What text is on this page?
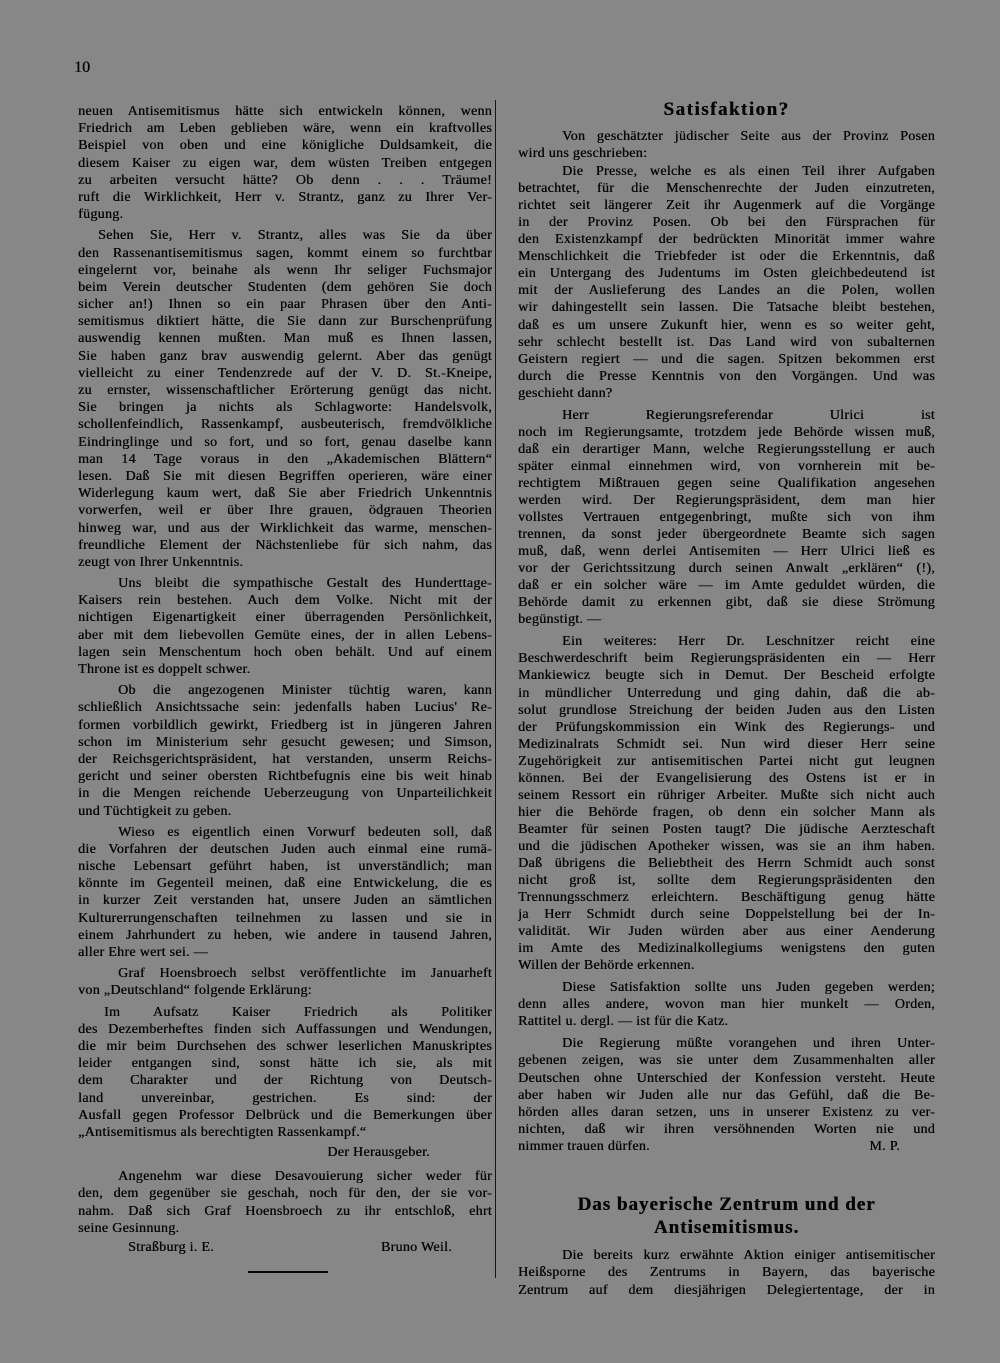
10
neuen Antisemitismus hätte sich entwickeln können, wenn
Friedrich am Leben geblieben wäre, wenn ein kraftvolles
Beispiel von oben und eine königliche Duldsamkeit, die
diesem Kaiser zu eigen war, dem wüsten Treiben entgegen
zu arbeiten versucht hätte? Ob denn . . . Träume!
ruft die Wirklichkeit, Herr v. Strantz, ganz zu Ihrer Ver-
fügung.
Sehen Sie, Herr v. Strantz, alles was Sie da über
den Rassenantisemitismus sagen, kommt einem so furchtbar
eingelernt vor, beinahe als wenn Ihr seliger Fuchsmajor
beim Verein deutscher Studenten (dem gehören Sie doch
sicher an!) Ihnen so ein paar Phrasen über den Anti-
semitismus diktiert hätte, die Sie dann zur Burschenprüfung
auswendig kennen mußten. Man muß es Ihnen lassen,
Sie haben ganz brav auswendig gelernt. Aber das genügt
vielleicht zu einer Tendenzrede auf der V. D. St.-Kneipe,
zu ernster, wissenschaftlicher Erörterung genügt das nicht.
Sie bringen ja nichts als Schlagworte: Handelsvolk,
schollenfeindlich, Rassenkampf, ausbeuterisch, fremdvölkliche
Eindringlinge und so fort, und so fort, genau daselbe kann
man 14 Tage voraus in den „Akademischen Blättern“
lesen. Daß Sie mit diesen Begriffen operieren, wäre einer
Widerlegung kaum wert, daß Sie aber Friedrich Unkenntnis
vorwerfen, weil er über Ihre grauen, ödgrauen Theorien
hinweg war, und aus der Wirklichkeit das warme, menschen-
freundliche Element der Nächstenliebe für sich nahm, das
zeugt von Ihrer Unkenntnis.
Uns bleibt die sympathische Gestalt des Hunderttage-
Kaisers rein bestehen. Auch dem Volke. Nicht mit der
nichtigen Eigenartigkeit einer überragenden Persönlichkeit,
aber mit dem liebevollen Gemüte eines, der in allen Lebens-
lagen sein Menschentum hoch oben behält. Und auf einem
Throne ist es doppelt schwer.
Ob die angezogenen Minister tüchtig waren, kann
schließlich Ansichtssache sein: jedenfalls haben Lucius' Re-
formen vorbildlich gewirkt, Friedberg ist in jüngeren Jahren
schon im Ministerium sehr gesucht gewesen; und Simson,
der Reichsgerichtspräsident, hat verstanden, unserm Reichs-
gericht und seiner obersten Richtbefugnis eine bis weit hinab
in die Mengen reichende Ueberzeugung von Unparteilichkeit
und Tüchtigkeit zu geben.
Wieso es eigentlich einen Vorwurf bedeuten soll, daß
die Vorfahren der deutschen Juden auch einmal eine rumä-
nische Lebensart geführt haben, ist unverständlich; man
könnte im Gegenteil meinen, daß eine Entwickelung, die es
in kurzer Zeit verstanden hat, unsere Juden an sämtlichen
Kulturerrungenschaften teilnehmen zu lassen und sie in
einem Jahrhundert zu heben, wie andere in tausend Jahren,
aller Ehre wert sei. —
Graf Hoensbroech selbst veröffentlichte im Januarheft
von „Deutschland“ folgende Erklärung:
Im Aufsatz Kaiser Friedrich als Politiker
des Dezemberheftes finden sich Auffassungen und Wendungen,
die mir beim Durchsehen des schwer leserlichen Manuskriptes
leider entgangen sind, sonst hätte ich sie, als mit
dem Charakter und der Richtung von Deutsch-
land unvereinbar, gestrichen. Es sind: der
Ausfall gegen Professor Delbrück und die Bemerkungen über
„Antisemitismus als berechtigten Rassenkampf.“
Der Herausgeber.
Angenehm war diese Desavouierung sicher weder für
den, dem gegenüber sie geschah, noch für den, der sie vor-
nahm. Daß sich Graf Hoensbroech zu ihr entschloß, ehrt
seine Gesinnung.
Straßburg i. E.	Bruno Weil.
Satisfaktion?
Von geschätzter jüdischer Seite aus der Provinz Posen
wird uns geschrieben:
Die Presse, welche es als einen Teil ihrer Aufgaben
betrachtet, für die Menschenrechte der Juden einzutreten,
richtet seit längerer Zeit ihr Augenmerk auf die Vorgänge
in der Provinz Posen. Ob bei den Fürsprachen für
den Existenzkampf der bedrückten Minorität immer wahre
Menschlichkeit die Triebfeder ist oder die Erkenntnis, daß
ein Untergang des Judentums im Osten gleichbedeutend ist
mit der Auslieferung des Landes an die Polen, wollen
wir dahingestellt sein lassen. Die Tatsache bleibt bestehen,
daß es um unsere Zukunft hier, wenn es so weiter geht,
sehr schlecht bestellt ist. Das Land wird von subalternen
Geistern regiert — und die sagen. Spitzen bekommen erst
durch die Presse Kenntnis von den Vorgängen. Und was
geschieht dann?
Herr Regierungsreferendar Ulrici ist
noch im Regierungsamte, trotzdem jede Behörde wissen muß,
daß ein derartiger Mann, welche Regierungsstellung er auch
später einmal einnehmen wird, von vornherein mit be-
rechtigtem Mißtrauen gegen seine Qualifikation angesehen
werden wird. Der Regierungspräsident, dem man hier
vollstes Vertrauen entgegenbringt, mußte sich von ihm
trennen, da sonst jeder übergeordnete Beamte sich sagen
muß, daß, wenn derlei Antisemiten — Herr Ulrici ließ es
vor der Gerichtssitzung durch seinen Anwalt „erklären“ (!),
daß er ein solcher wäre — im Amte geduldet würden, die
Behörde damit zu erkennen gibt, daß sie diese Strömung
begünstigt. —
Ein weiteres: Herr Dr. Leschnitzer reicht eine
Beschwerdeschrift beim Regierungspräsidenten ein — Herr
Mankiewicz beugte sich in Demut. Der Bescheid erfolgte
in mündlicher Unterredung und ging dahin, daß die ab-
solut grundlose Streichung der beiden Juden aus den Listen
der Prüfungskommission ein Wink des Regierungs- und
Medizinalrats Schmidt sei. Nun wird dieser Herr seine
Zugehörigkeit zur antisemitischen Partei nicht gut leugnen
können. Bei der Evangelisierung des Ostens ist er in
seinem Ressort ein rühriger Arbeiter. Mußte sich nicht auch
hier die Behörde fragen, ob denn ein solcher Mann als
Beamter für seinen Posten taugt? Die jüdische Aerzteschaft
und die jüdischen Apotheker wissen, was sie an ihm haben.
Daß übrigens die Beliebtheit des Herrn Schmidt auch sonst
nicht groß ist, sollte dem Regierungspräsidenten den
Trennungsschmerz erleichtern. Beschäftigung genug hätte
ja Herr Schmidt durch seine Doppelstellung bei der In-
validität. Wir Juden würden aber aus einer Aenderung
im Amte des Medizinalkollegiums wenigstens den guten
Willen der Behörde erkennen.
Diese Satisfaktion sollte uns Juden gegeben werden;
denn alles andere, wovon man hier munkelt — Orden,
Rattitel u. dergl. — ist für die Katz.
Die Regierung müßte vorangehen und ihren Unter-
gebenen zeigen, was sie unter dem Zusammenhalten aller
Deutschen ohne Unterschied der Konfession versteht. Heute
aber haben wir Juden alle nur das Gefühl, daß die Be-
hörden alles daran setzen, uns in unserer Existenz zu ver-
nichten, daß wir ihren versöhnenden Worten nie und
nimmer trauen dürfen.	M. P.
Das bayerische Zentrum und der
Antisemitismus.
Die bereits kurz erwähnte Aktion einiger antisemitischer
Heißsporne des Zentrums in Bayern, das bayerische
Zentrum auf dem diesjährigen Delegiertentage, der in
